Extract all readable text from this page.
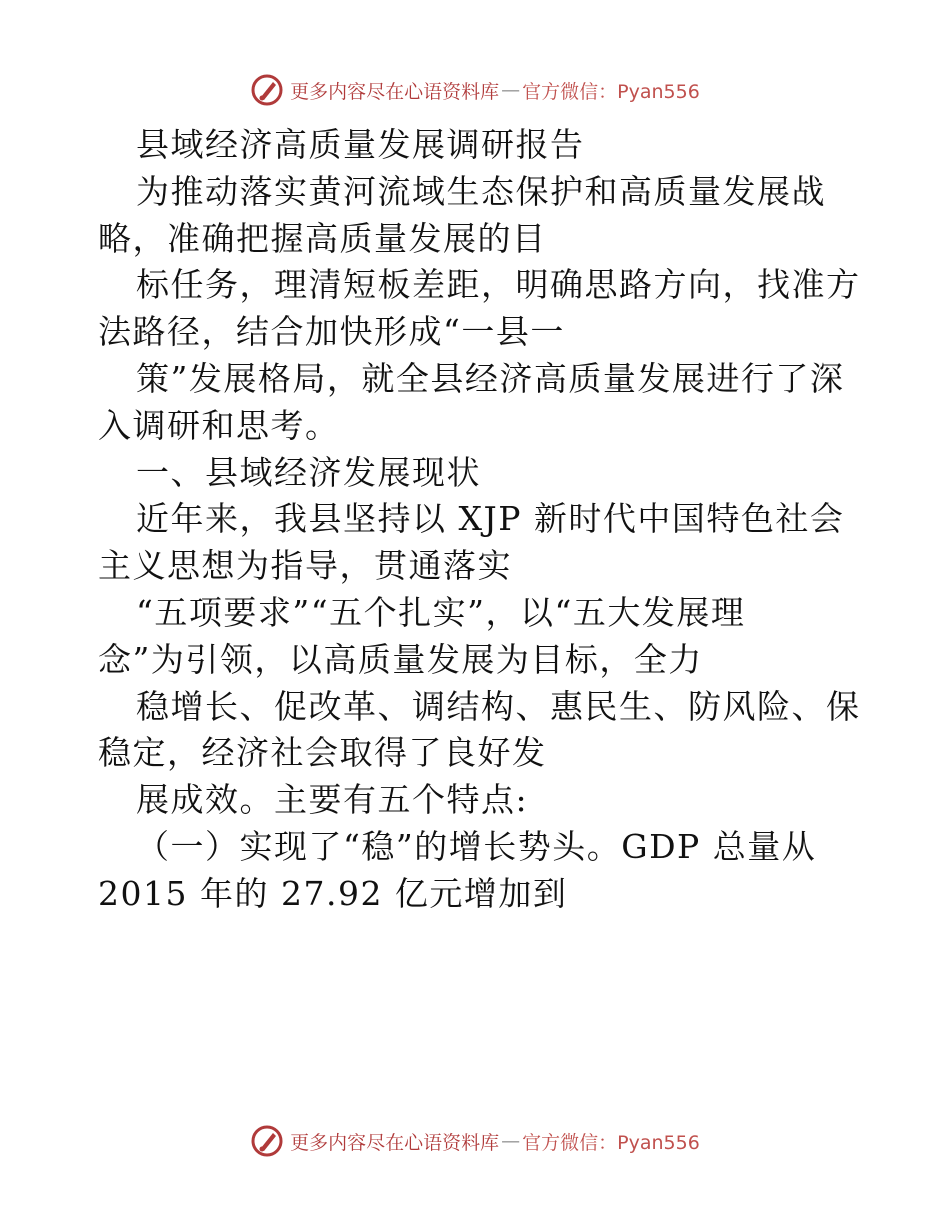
更多内容尽在心语资料库 — 官方微信：Pyan556
县域经济高质量发展调研报告
为推动落实黄河流域生态保护和高质量发展战
略，准确把握高质量发展的目
标任务，理清短板差距，明确思路方向，找准方
法路径，结合加快形成“一县一
策”发展格局，就全县经济高质量发展进行了深
入调研和思考。
一、县域经济发展现状
近年来，我县坚持以 XJP 新时代中国特色社会
主义思想为指导，贯通落实
“五项要求”“五个扎实”，以“五大发展理
念”为引领，以高质量发展为目标，全力
稳增长、促改革、调结构、惠民生、防风险、保
稳定，经济社会取得了良好发
展成效。主要有五个特点:
（一）实现了“稳”的增长势头。GDP 总量从
2015 年的 27.92 亿元增加到
更多内容尽在心语资料库 — 官方微信：Pyan556
